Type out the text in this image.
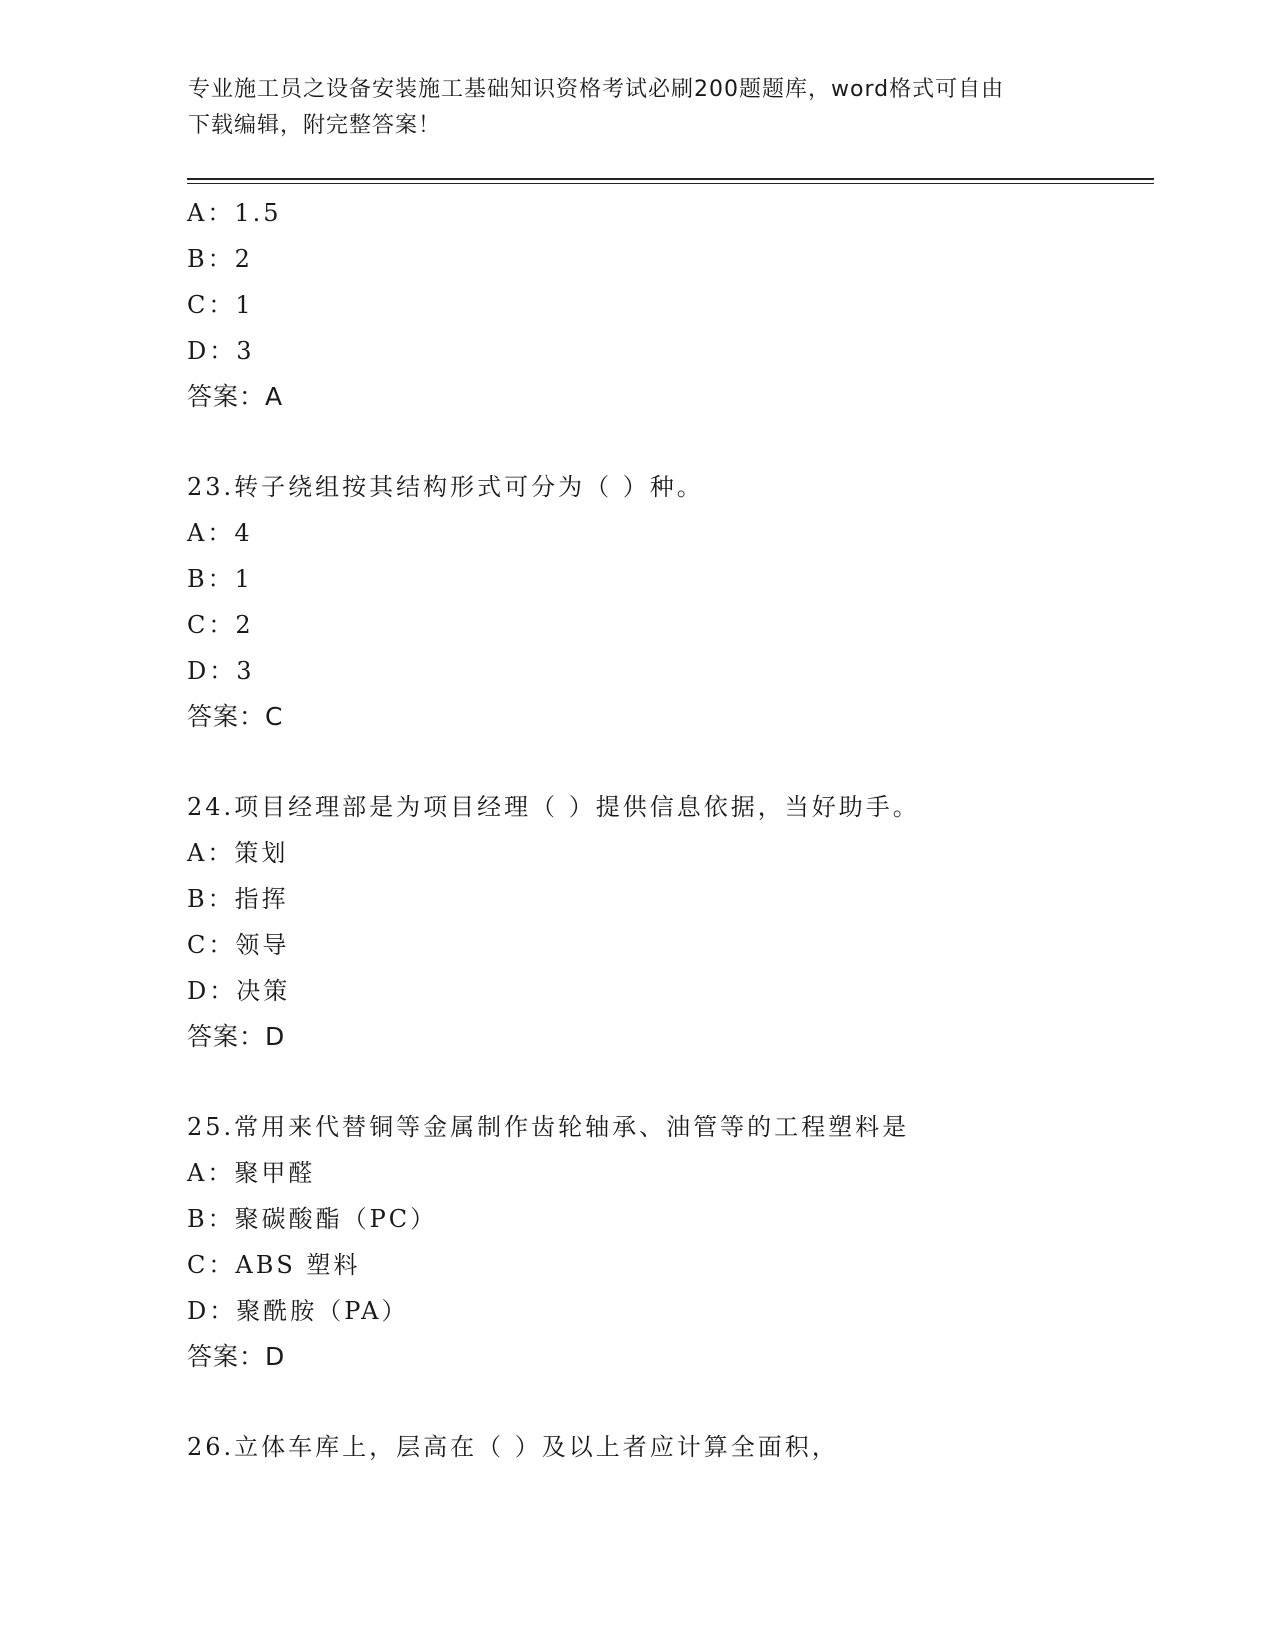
专业施工员之设备安装施工基础知识资格考试必刷200题题库，word格式可自由
下载编辑，附完整答案！
A：1.5
B：2
C：1
D：3
答案：A
23.转子绕组按其结构形式可分为（ ）种。
A：4
B：1
C：2
D：3
答案：C
24.项目经理部是为项目经理（ ）提供信息依据，当好助手。
A：策划
B：指挥
C：领导
D：决策
答案：D
25.常用来代替铜等金属制作齿轮轴承、油管等的工程塑料是
A：聚甲醛
B：聚碳酸酯（PC）
C：ABS 塑料
D：聚酰胺（PA）
答案：D
26.立体车库上，层高在（ ）及以上者应计算全面积，
